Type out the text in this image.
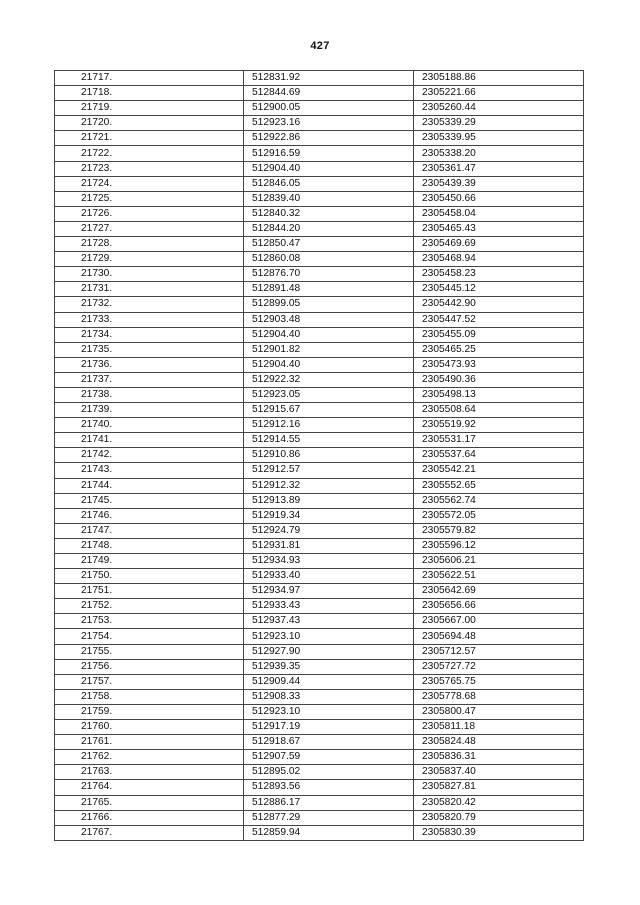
427
21717.	512831.92	2305188.86
21718.	512844.69	2305221.66
21719.	512900.05	2305260.44
21720.	512923.16	2305339.29
21721.	512922.86	2305339.95
21722.	512916.59	2305338.20
21723.	512904.40	2305361.47
21724.	512846.05	2305439.39
21725.	512839.40	2305450.66
21726.	512840.32	2305458.04
21727.	512844.20	2305465.43
21728.	512850.47	2305469.69
21729.	512860.08	2305468.94
21730.	512876.70	2305458.23
21731.	512891.48	2305445.12
21732.	512899.05	2305442.90
21733.	512903.48	2305447.52
21734.	512904.40	2305455.09
21735.	512901.82	2305465.25
21736.	512904.40	2305473.93
21737.	512922.32	2305490.36
21738.	512923.05	2305498.13
21739.	512915.67	2305508.64
21740.	512912.16	2305519.92
21741.	512914.55	2305531.17
21742.	512910.86	2305537.64
21743.	512912.57	2305542.21
21744.	512912.32	2305552.65
21745.	512913.89	2305562.74
21746.	512919.34	2305572.05
21747.	512924.79	2305579.82
21748.	512931.81	2305596.12
21749.	512934.93	2305606.21
21750.	512933.40	2305622.51
21751.	512934.97	2305642.69
21752.	512933.43	2305656.66
21753.	512937.43	2305667.00
21754.	512923.10	2305694.48
21755.	512927.90	2305712.57
21756.	512939.35	2305727.72
21757.	512909.44	2305765.75
21758.	512908.33	2305778.68
21759.	512923.10	2305800.47
21760.	512917.19	2305811.18
21761.	512918.67	2305824.48
21762.	512907.59	2305836.31
21763.	512895.02	2305837.40
21764.	512893.56	2305827.81
21765.	512886.17	2305820.42
21766.	512877.29	2305820.79
21767.	512859.94	2305830.39
